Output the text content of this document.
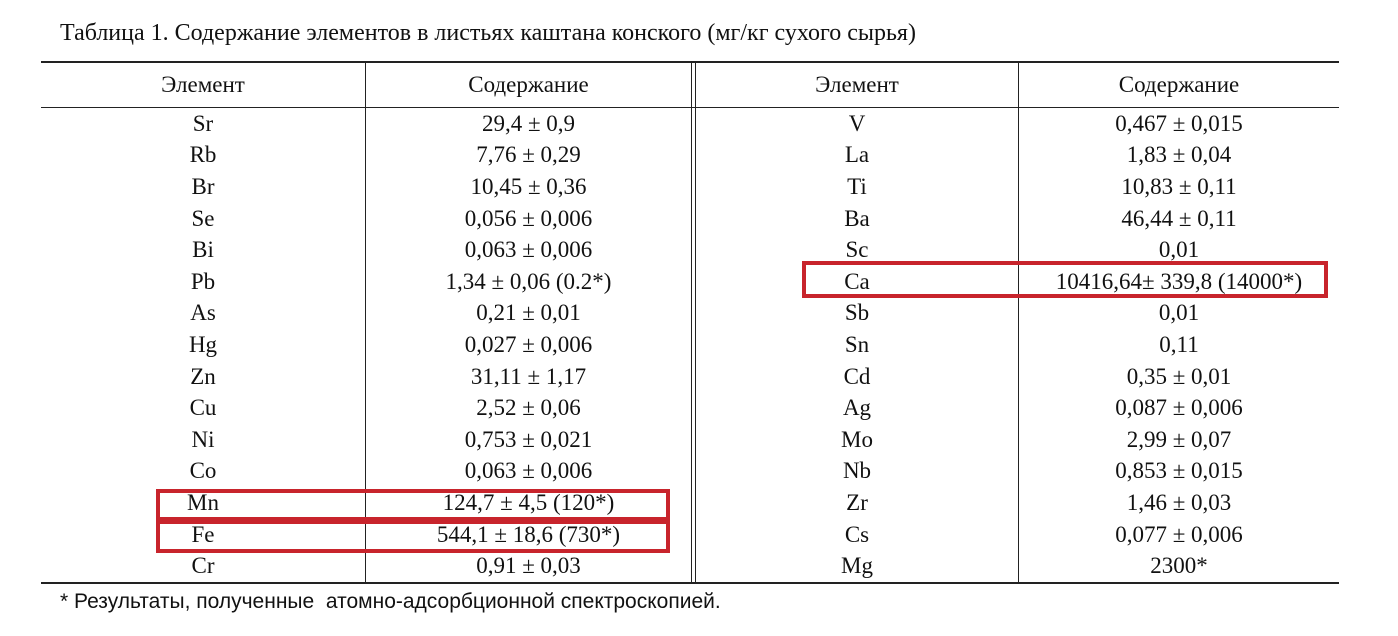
Таблица 1. Содержание элементов в листьях каштана конского (мг/кг сухого сырья)
Элемент	Содержание	Элемент	Содержание
Sr	29,4 ± 0,9	V	0,467 ± 0,015
Rb	7,76 ± 0,29	La	1,83 ± 0,04
Br	10,45 ± 0,36	Ti	10,83 ± 0,11
Se	0,056 ± 0,006	Ba	46,44 ± 0,11
Bi	0,063 ± 0,006	Sc	0,01
Pb	1,34 ± 0,06 (0.2*)	Ca	10416,64± 339,8 (14000*)
As	0,21 ± 0,01	Sb	0,01
Hg	0,027 ± 0,006	Sn	0,11
Zn	31,11 ± 1,17	Cd	0,35 ± 0,01
Cu	2,52 ± 0,06	Ag	0,087 ± 0,006
Ni	0,753 ± 0,021	Mo	2,99 ± 0,07
Co	0,063 ± 0,006	Nb	0,853 ± 0,015
Mn	124,7 ± 4,5 (120*)	Zr	1,46 ± 0,03
Fe	544,1 ± 18,6 (730*)	Cs	0,077 ± 0,006
Cr	0,91 ± 0,03	Mg	2300*
* Результаты, полученные  атомно-адсорбционной спектроскопией.
